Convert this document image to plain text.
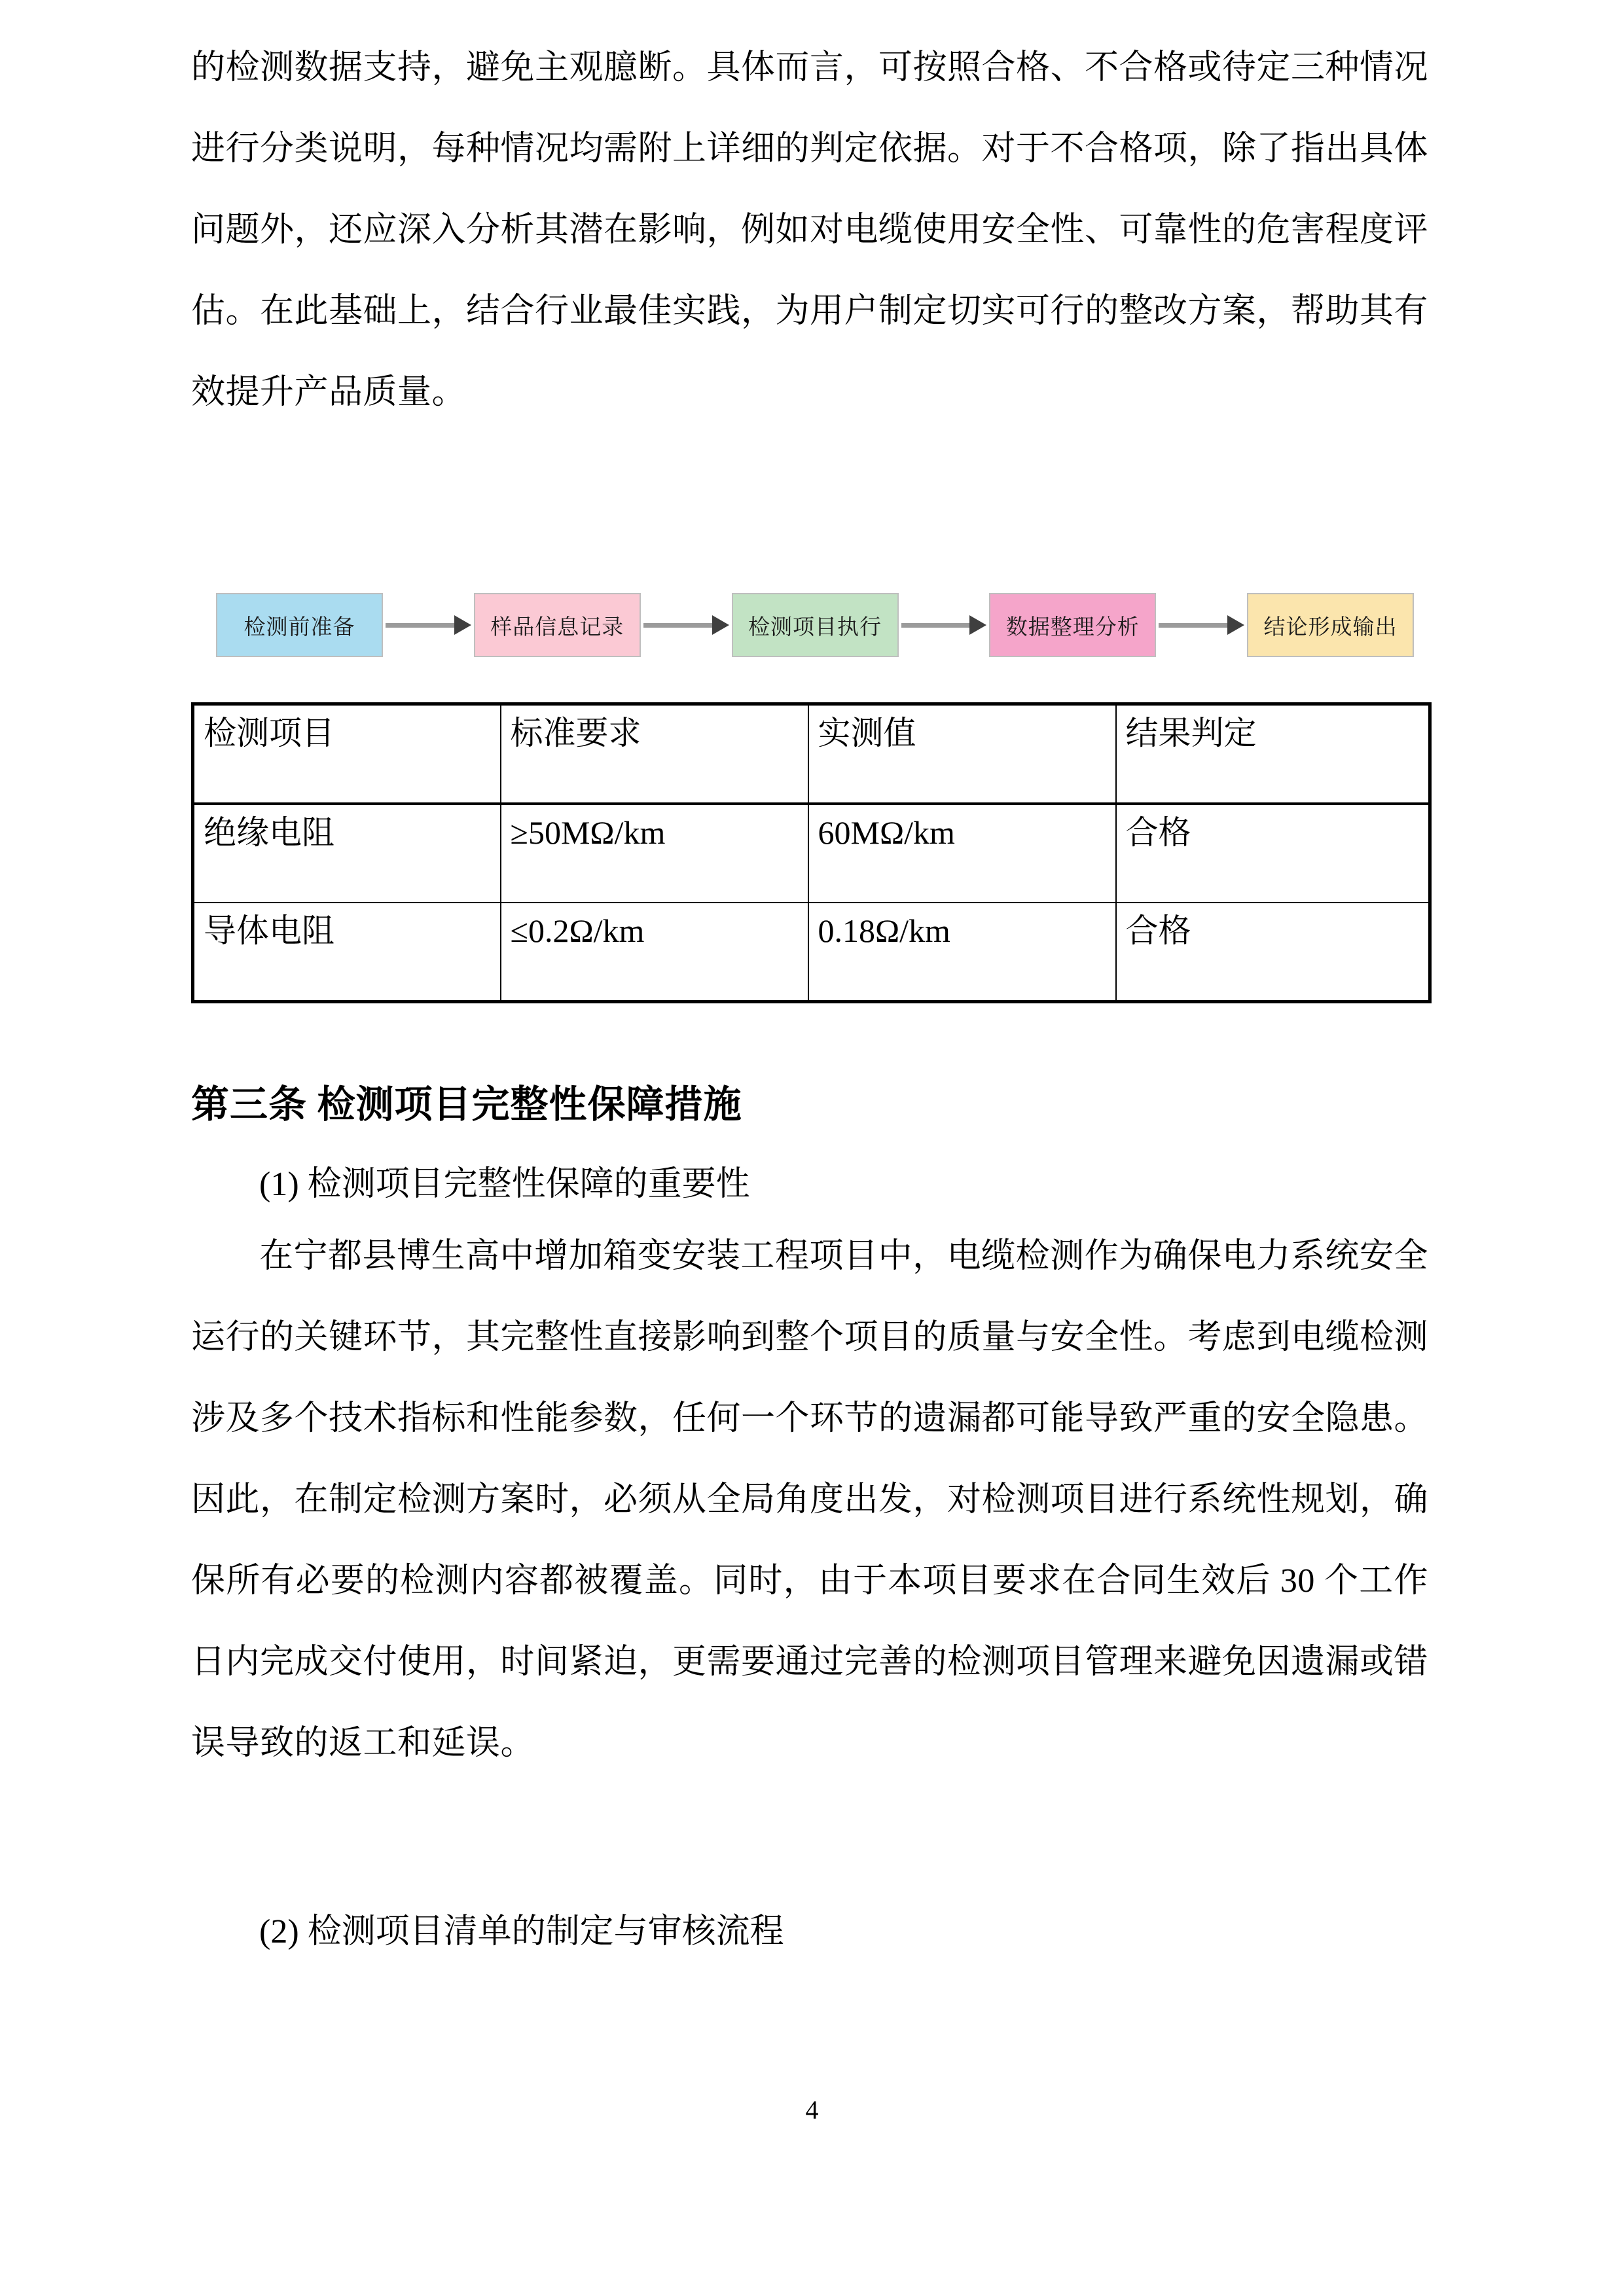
的检测数据支持，避免主观臆断。具体而言，可按照合格、不合格或待定三种情况进行分类说明，每种情况均需附上详细的判定依据。对于不合格项，除了指出具体问题外，还应深入分析其潜在影响，例如对电缆使用安全性、可靠性的危害程度评估。在此基础上，结合行业最佳实践，为用户制定切实可行的整改方案，帮助其有效提升产品质量。

检测前准备	样品信息记录	检测项目执行	数据整理分析	结论形成输出
检测项目	标准要求	实测值	结果判定
绝缘电阻	≥50MΩ/km	60MΩ/km	合格
导体电阻	≤0.2Ω/km	0.18Ω/km	合格
第三条 检测项目完整性保障措施
(1) 检测项目完整性保障的重要性

在宁都县博生高中增加箱变安装工程项目中，电缆检测作为确保电力系统安全运行的关键环节，其完整性直接影响到整个项目的质量与安全性。考虑到电缆检测涉及多个技术指标和性能参数，任何一个环节的遗漏都可能导致严重的安全隐患。因此，在制定检测方案时，必须从全局角度出发，对检测项目进行系统性规划，确保所有必要的检测内容都被覆盖。同时，由于本项目要求在合同生效后 30 个工作日内完成交付使用，时间紧迫，更需要通过完善的检测项目管理来避免因遗漏或错误导致的返工和延误。

(2) 检测项目清单的制定与审核流程
4
